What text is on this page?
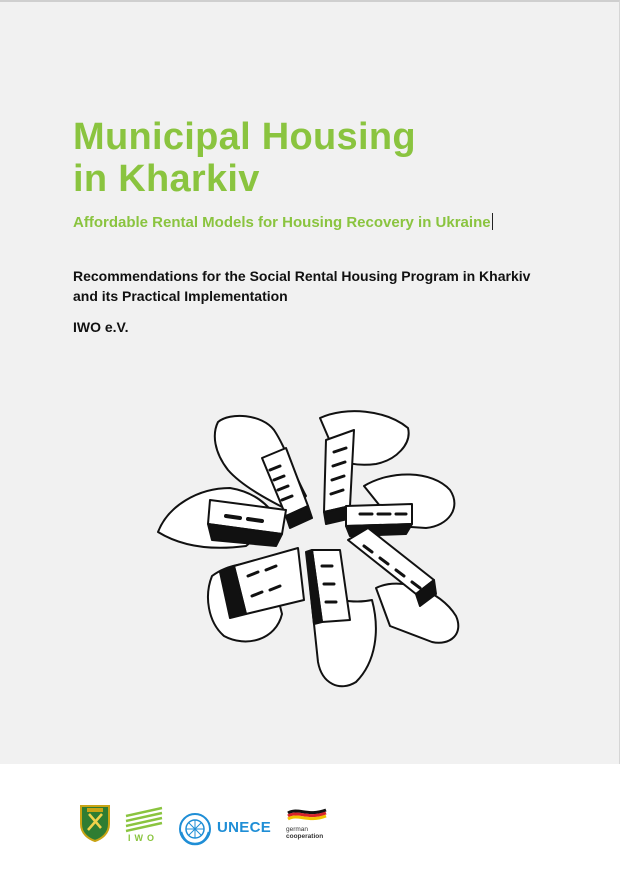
Municipal Housing
in Kharkiv

Affordable Rental Models for Housing Recovery in Ukraine

Recommendations for the Social Rental Housing Program in Kharkiv and its Practical Implementation

IWO e.V.

IWO
UNECE german
cooperation
